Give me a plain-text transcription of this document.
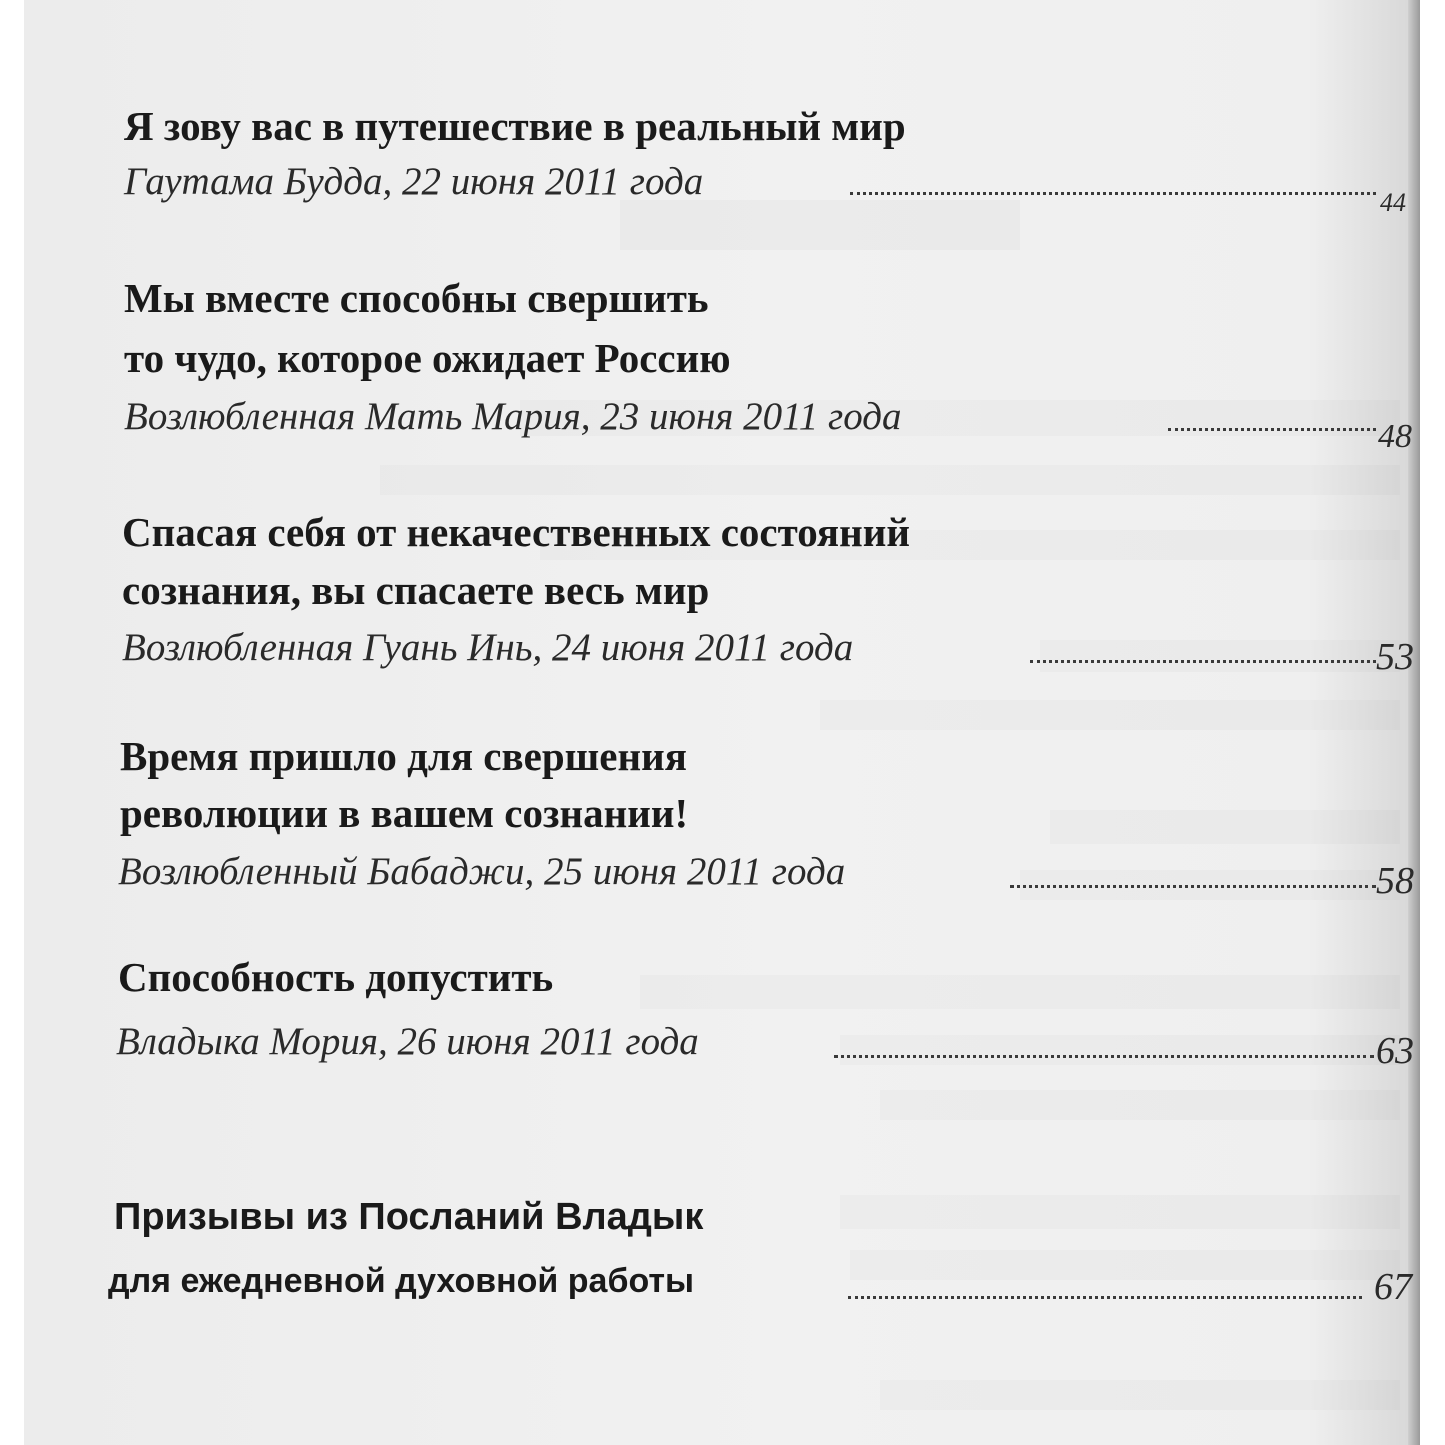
Я зову вас в путешествие в реальный мир
Гаутама Будда, 22 июня 2011 года	44
Мы вместе способны свершить
то чудо, которое ожидает Россию
Возлюбленная Мать Мария, 23 июня 2011 года	48
Спасая себя от некачественных состояний
сознания, вы спасаете весь мир
Возлюбленная Гуань Инь, 24 июня 2011 года	53
Время пришло для свершения
революции в вашем сознании!
Возлюбленный Бабаджи, 25 июня 2011 года	58
Способность допустить
Владыка Мория, 26 июня 2011 года	63
Призывы из Посланий Владык
для ежедневной духовной работы	67
